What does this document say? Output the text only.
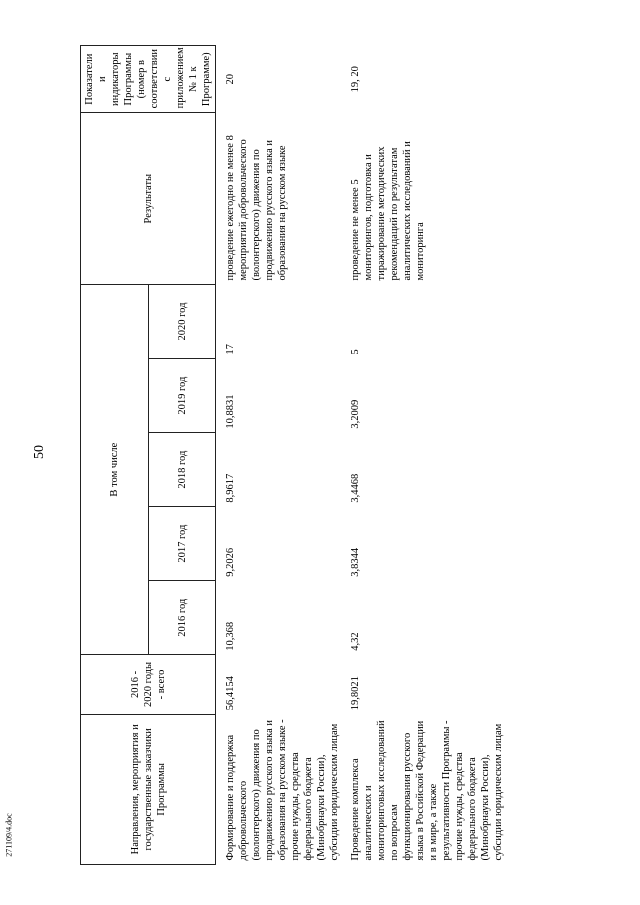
50
271109/4.doc	Направления, мероприятия и государственные заказчики Программы	2016 - 2020 годы - всего	В том числе					Результаты	Показатели и индикаторы Программы (номер в соответствии с приложением № 1 к Программе)
		2016 год	2017 год	2018 год	2019 год	2020 год		
Формирование и поддержка добровольческого (волонтерского) движения по продвижению русского языка и образования на русском языке - прочие нужды, средства федерального бюджета (Минобрнауки России), субсидии юридическим лицам	56,4154	10,368	9,2026	8,9617	10,8831	17	проведение ежегодно не менее 8 мероприятий добровольческого (волонтерского) движения по продвижению русского языка и образования на русском языке	20
Проведение комплекса аналитических и мониторинговых исследований по вопросам функционирования русского языка в Российской Федерации и в мире, а также результативности Программы - прочие нужды, средства федерального бюджета (Минобрнауки России), субсидии юридическим лицам	19,8021	4,32	3,8344	3,4468	3,2009	5	проведение не менее 5 мониторингов, подготовка и тиражирование методических рекомендаций по результатам аналитических исследований и мониторинга	19, 20
